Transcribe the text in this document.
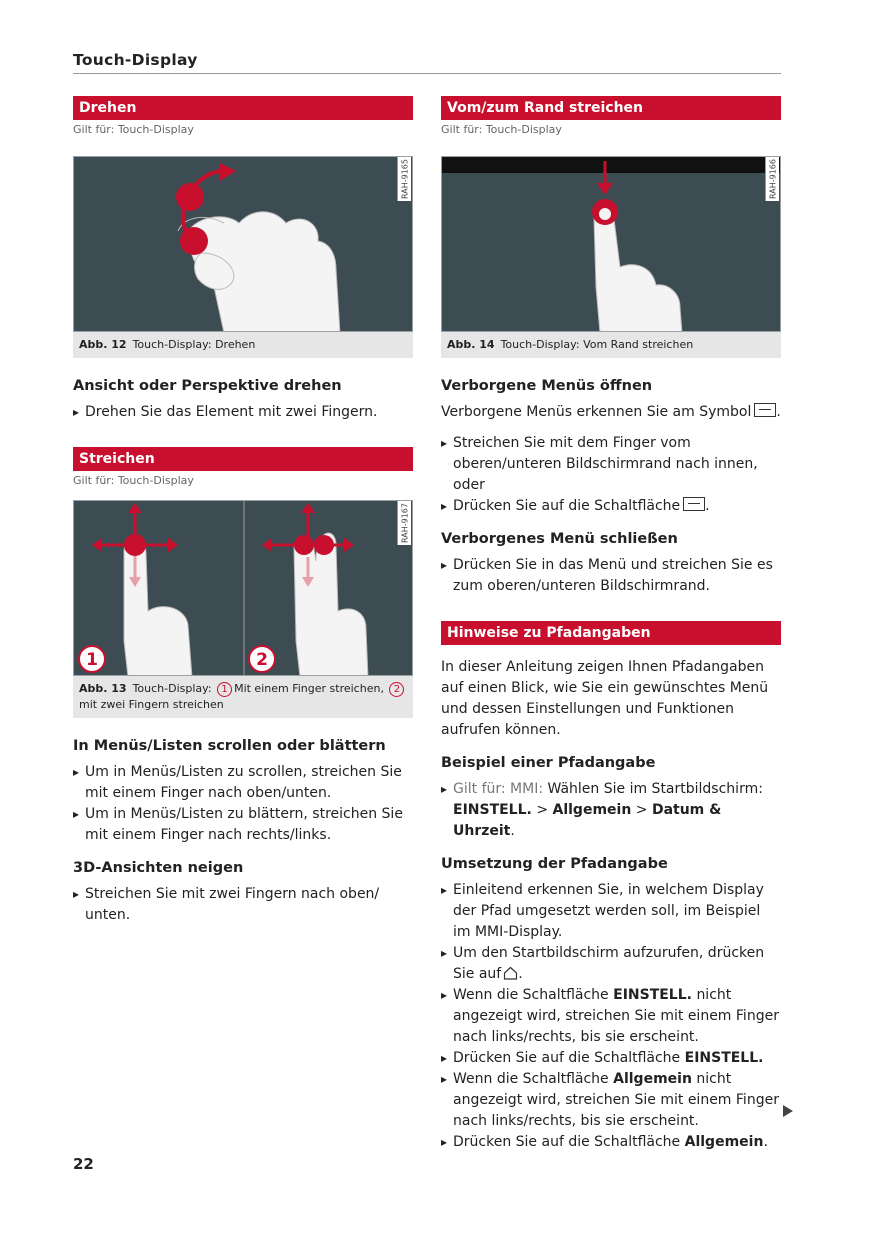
Touch-Display
Drehen
Gilt für: Touch-Display
RAH-9165
Abb. 12 Touch-Display: Drehen
Ansicht oder Perspektive drehen
▸ Drehen Sie das Element mit zwei Fingern.
Streichen
Gilt für: Touch-Display
1	2
RAH-9167
Abb. 13 Touch-Display: 1 Mit einem Finger streichen, 2
mit zwei Fingern streichen
In Menüs/Listen scrollen oder blättern
▸ Um in Menüs/Listen zu scrollen, streichen Sie mit einem Finger nach oben/unten.
▸ Um in Menüs/Listen zu blättern, streichen Sie mit einem Finger nach rechts/links.
3D-Ansichten neigen
▸ Streichen Sie mit zwei Fingern nach oben/ unten.
Vom/zum Rand streichen
Gilt für: Touch-Display
RAH-9166
Abb. 14 Touch-Display: Vom Rand streichen
Verborgene Menüs öffnen
Verborgene Menüs erkennen Sie am Symbol .
▸ Streichen Sie mit dem Finger vom oberen/unteren Bildschirmrand nach innen, oder
▸ Drücken Sie auf die Schaltfläche .
Verborgenes Menü schließen
▸ Drücken Sie in das Menü und streichen Sie es zum oberen/unteren Bildschirmrand.
Hinweise zu Pfadangaben
In dieser Anleitung zeigen Ihnen Pfadangaben auf einen Blick, wie Sie ein gewünschtes Menü und dessen Einstellungen und Funktionen aufrufen können.
Beispiel einer Pfadangabe
▸ Gilt für: MMI: Wählen Sie im Startbildschirm: EINSTELL. > Allgemein > Datum & Uhrzeit.
Umsetzung der Pfadangabe
▸ Einleitend erkennen Sie, in welchem Display der Pfad umgesetzt werden soll, im Beispiel im MMI-Display.
▸ Um den Startbildschirm aufzurufen, drücken Sie auf .
▸ Wenn die Schaltfläche EINSTELL. nicht angezeigt wird, streichen Sie mit einem Finger nach links/rechts, bis sie erscheint.
▸ Drücken Sie auf die Schaltfläche EINSTELL.
▸ Wenn die Schaltfläche Allgemein nicht angezeigt wird, streichen Sie mit einem Finger nach links/rechts, bis sie erscheint.
▸ Drücken Sie auf die Schaltfläche Allgemein.
22
